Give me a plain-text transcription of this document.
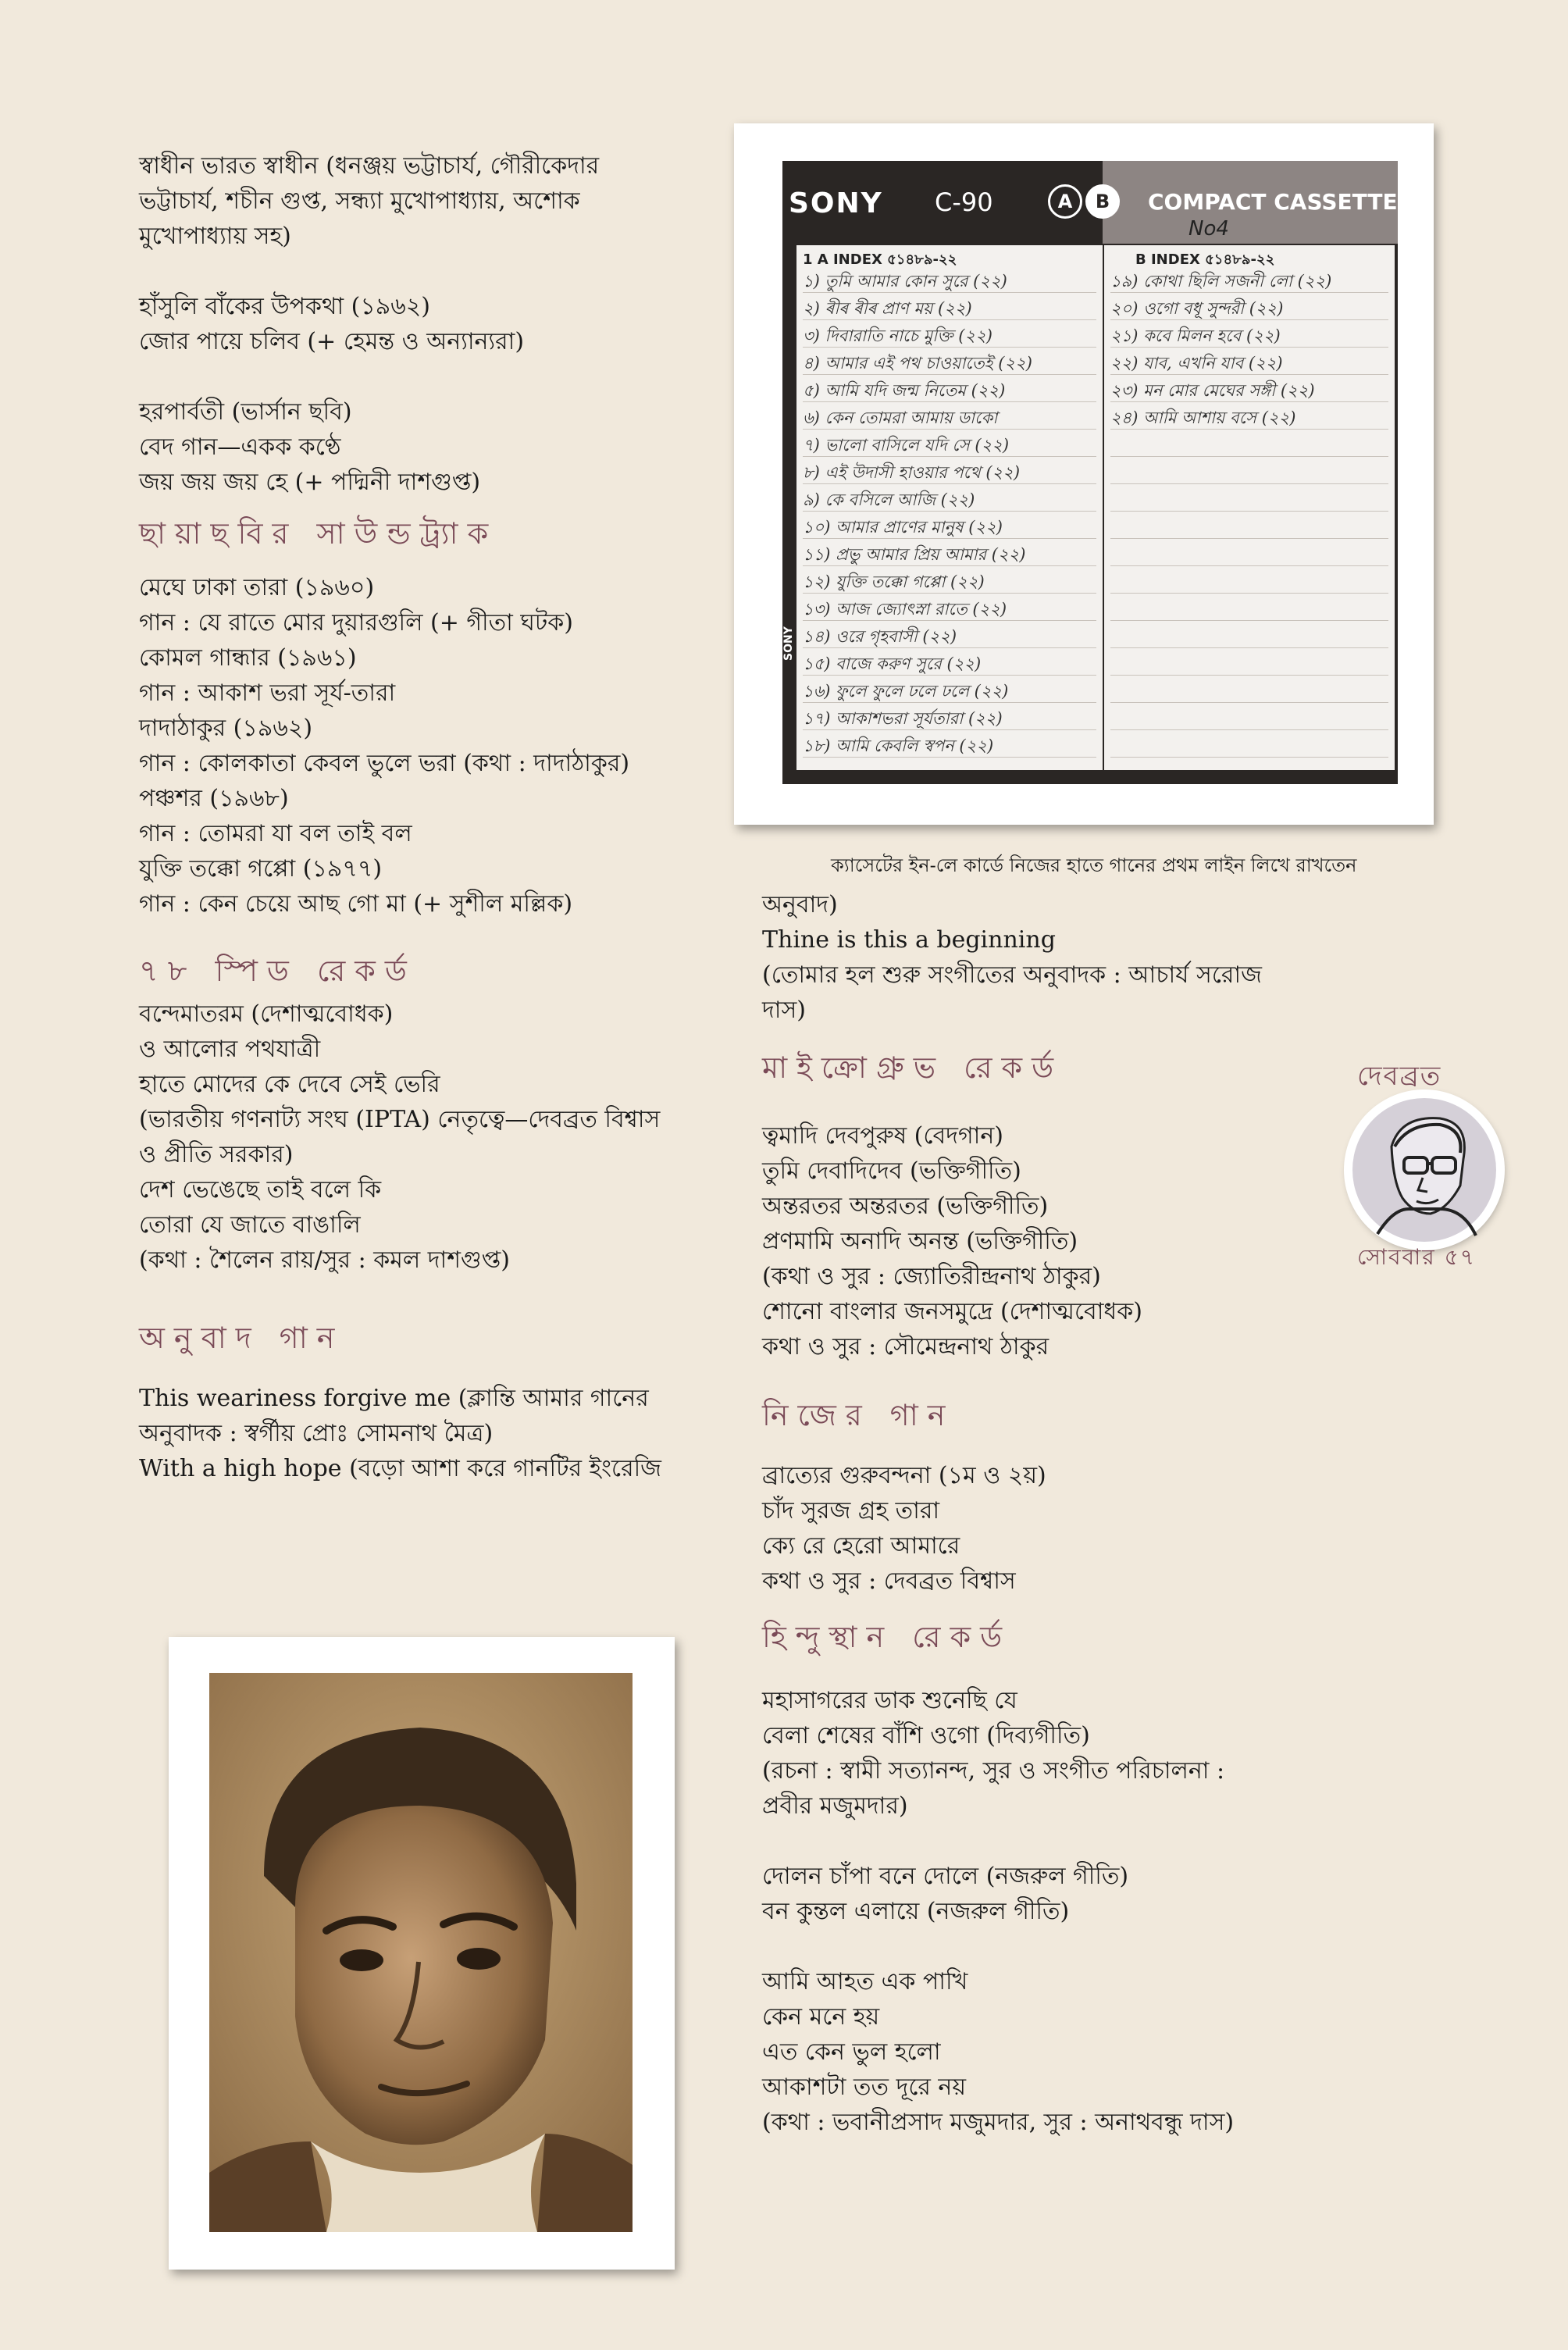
স্বাধীন ভারত স্বাধীন (ধনঞ্জয় ভট্টাচার্য, গৌরীকেদার

ভট্টাচার্য, শচীন গুপ্ত, সন্ধ্যা মুখোপাধ্যায়, অশোক

মুখোপাধ্যায় সহ)

হাঁসুলি বাঁকের উপকথা (১৯৬২)

জোর পায়ে চলিব (+ হেমন্ত ও অন্যান্যরা)

হরপার্বতী (ভার্সান ছবি)

বেদ গান—একক কণ্ঠে

জয় জয় জয় হে (+ পদ্মিনী দাশগুপ্ত)

ছায়াছবির সাউন্ডট্র্যাক

মেঘে ঢাকা তারা (১৯৬০)

গান : যে রাতে মোর দুয়ারগুলি (+ গীতা ঘটক)

কোমল গান্ধার (১৯৬১)

গান : আকাশ ভরা সূর্য-তারা

দাদাঠাকুর (১৯৬২)

গান : কোলকাতা কেবল ভুলে ভরা (কথা : দাদাঠাকুর)

পঞ্চশর (১৯৬৮)

গান : তোমরা যা বল তাই বল

যুক্তি তক্কো গপ্পো (১৯৭৭)

গান : কেন চেয়ে আছ গো মা (+ সুশীল মল্লিক)

৭৮ স্পিড রেকর্ড

বন্দেমাতরম (দেশাত্মবোধক)

ও আলোর পথযাত্রী

হাতে মোদের কে দেবে সেই ভেরি

(ভারতীয় গণনাট্য সংঘ (IPTA) নেতৃত্বে—দেবব্রত বিশ্বাস

ও প্রীতি সরকার)

দেশ ভেঙেছে তাই বলে কি

তোরা যে জাতে বাঙালি

(কথা : শৈলেন রায়/সুর : কমল দাশগুপ্ত)

অনুবাদ গান

This weariness forgive me (ক্লান্তি আমার গানের

অনুবাদক : স্বর্গীয় প্রোঃ সোমনাথ মৈত্র)

With a high hope (বড়ো আশা করে গানটির ইংরেজি

SONY C-90	A B	COMPACT CASSETTE
No4
SONY
1 A INDEX ৫১৪৮৯-২২
১) তুমি আমার কোন সুরে (২২)
২) ৰীৰ ৰীৰ প্ৰাণ ময় (২২)
৩) দিবারাতি নাচে মুক্তি (২২)
৪) আমার এই পথ চাওয়াতেই (২২)
৫) আমি যদি জন্ম নিতেম (২২)
৬) কেন তোমরা আমায় ডাকো
৭) ভালো বাসিলে যদি সে (২২)
৮) এই উদাসী হাওয়ার পথে (২২)
৯) কে বসিলে আজি (২২)
১০) আমার প্রাণের মানুষ (২২)
১১) প্রভু আমার প্রিয় আমার (২২)
১২) যুক্তি তক্কো গপ্পো (২২)
১৩) আজ জ্যোৎস্না রাতে (২২)
১৪) ওরে গৃহবাসী (২২)
১৫) বাজে করুণ সুরে (২২)
১৬) ফুলে ফুলে ঢলে ঢলে (২২)
১৭) আকাশভরা সূর্যতারা (২২)
১৮) আমি কেবলি স্বপন (২২)
B INDEX ৫১৪৮৯-২২
১৯) কোথা ছিলি সজনী লো (২২)
২০) ওগো বধূ সুন্দরী (২২)
২১) কবে মিলন হবে (২২)
২২) যাব, এখনি যাব (২২)
২৩) মন মোর মেঘের সঙ্গী (২২)
২৪) আমি আশায় বসে (২২)
ক্যাসেটের ইন-লে কার্ডে নিজের হাতে গানের প্রথম লাইন লিখে রাখতেন

অনুবাদ)

Thine is this a beginning

(তোমার হল শুরু সংগীতের অনুবাদক : আচার্য সরোজ

দাস)

মাইক্রোগ্রুভ রেকর্ড

ত্বমাদি দেবপুরুষ (বেদগান)

তুমি দেবাদিদেব (ভক্তিগীতি)

অন্তরতর অন্তরতর (ভক্তিগীতি)

প্রণমামি অনাদি অনন্ত (ভক্তিগীতি)

(কথা ও সুর : জ্যোতিরীন্দ্রনাথ ঠাকুর)

শোনো বাংলার জনসমুদ্রে (দেশাত্মবোধক)

কথা ও সুর : সৌমেন্দ্রনাথ ঠাকুর

নিজের গান

ব্রাত্যের গুরুবন্দনা (১ম ও ২য়)

চাঁদ সুরজ গ্রহ তারা

ক্যে রে হেরো আমারে

কথা ও সুর : দেবব্রত বিশ্বাস

হিন্দুস্থান রেকর্ড

মহাসাগরের ডাক শুনেছি যে

বেলা শেষের বাঁশি ওগো (দিব্যগীতি)

(রচনা : স্বামী সত্যানন্দ, সুর ও সংগীত পরিচালনা :

প্রবীর মজুমদার)

দোলন চাঁপা বনে দোলে (নজরুল গীতি)

বন কুন্তল এলায়ে (নজরুল গীতি)

আমি আহত এক পাখি

কেন মনে হয়

এত কেন ভুল হলো

আকাশটা তত দূরে নয়

(কথা : ভবানীপ্রসাদ মজুমদার, সুর : অনাথবন্ধু দাস)

দেবব্রত
সোববার ৫৭
